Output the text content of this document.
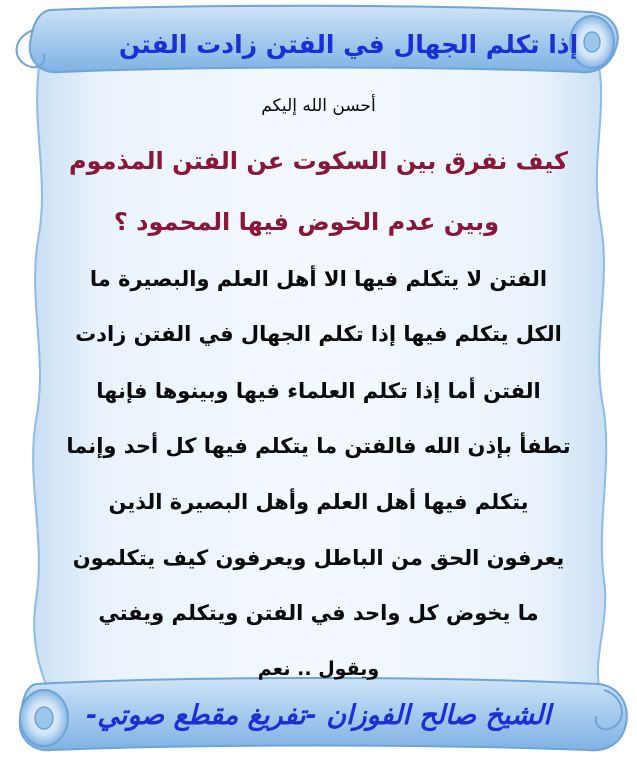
إذا تكلم الجهال في الفتن زادت الفتن
أحسن الله إليكم
كيف نفرق بين السكوت عن الفتن المذموم
وبين عدم الخوض فيها المحمود ؟
الفتن لا يتكلم فيها الا أهل العلم والبصيرة ما
الكل يتكلم فيها إذا تكلم الجهال في الفتن زادت
الفتن أما إذا تكلم العلماء فيها وبينوها فإنها
تطفأ بإذن الله فالفتن ما يتكلم فيها كل أحد وإنما
يتكلم فيها أهل العلم وأهل البصيرة الذين
يعرفون الحق من الباطل ويعرفون كيف يتكلمون
ما يخوض كل واحد في الفتن ويتكلم ويفتي
ويقول .. نعم
الشيخ صالح الفوزان -تفريغ مقطع صوتي-
